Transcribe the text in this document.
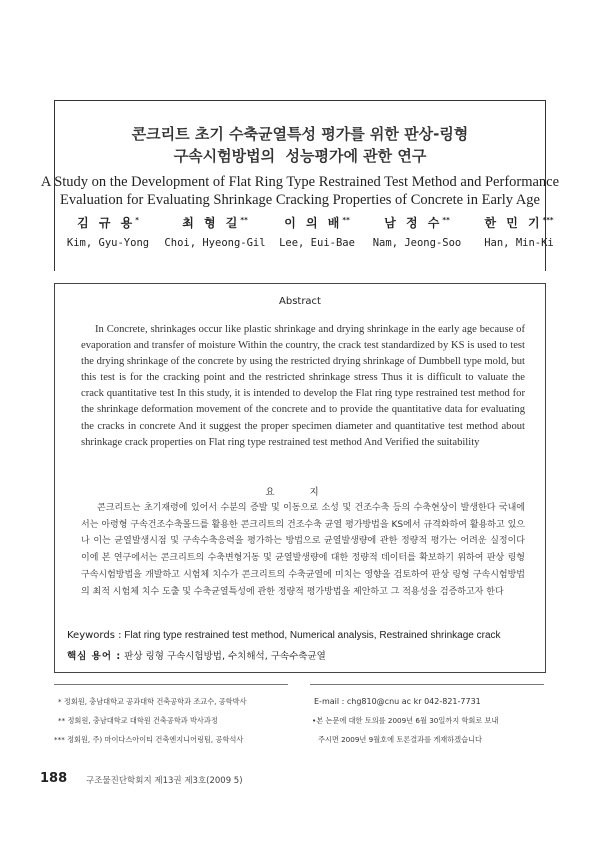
콘크리트 초기 수축균열특성 평가를 위한 판상-링형
구속시험방법의  성능평가에 관한 연구
A Study on the Development of Flat Ring Type Restrained Test Method and Performance
Evaluation for Evaluating Shrinkage Cracking Properties of Concrete in Early Age
김 규 용*
Kim, Gyu-Yong
최 형 길**
Choi, Hyeong-Gil
이 의 배**
Lee, Eui-Bae
남 정 수**
Nam, Jeong-Soo
한 민 기***
Han, Min-Ki
Abstract

In Concrete, shrinkages occur like plastic shrinkage and drying shrinkage in the early age because of evaporation and transfer of moisture Within the country, the crack test standardized by KS is used to test the drying shrinkage of the concrete by using the restricted drying shrinkage of Dumbbell type mold, but this test is for the cracking point and the restricted shrinkage stress Thus it is difficult to valuate the crack quantitative test In this study, it is intended to develop the Flat ring type restrained test method for the shrinkage deformation movement of the concrete and to provide the quantitative data for evaluating the cracks in concrete And it suggest the proper specimen diameter and quantitative test method about shrinkage crack properties on Flat ring type restrained test method And Verified the suitability

요 지

콘크리트는 초기재령에 있어서 수분의 증발 및 이동으로 소성 및 건조수축 등의 수축현상이 발생한다 국내에서는 아령형 구속건조수축몰드를 활용한 콘크리트의 건조수축 균열 평가방법을 KS에서 규격화하여 활용하고 있으나 이는 균열발생시점 및 구속수축응력을 평가하는 방법으로 균열발생량에 관한 정량적 평가는 어려운 실정이다 이에 본 연구에서는 콘크리트의 수축변형거동 및 균열발생량에 대한 정량적 데이터를 확보하기 위하여 판상 링형 구속시험방법을 개발하고 시험체 치수가 콘크리트의 수축균열에 미치는 영향을 검토하여 판상 링형 구속시험방법의 최적 시험체 치수 도출 및 수축균열특성에 관한 정량적 평가방법을 제안하고 그 적용성을 검증하고자 한다

Keywords : Flat ring type restrained test method, Numerical analysis, Restrained shrinkage crack
핵심 용어 : 판상 링형 구속시험방법, 수치해석, 구속수축균열
* 정회원, 충남대학교 공과대학 건축공학과 조교수, 공학박사
** 정회원, 충남대학교 대학원 건축공학과 박사과정
*** 정회원, 주) 마이다스아이티 건축엔지니어링팀, 공학석사
E-mail : chg810@cnu ac kr 042-821-7731
•본 논문에 대한 토의를 2009년 6월 30일까지 학회로 보내
주시면 2009년 9월호에 토론결과를 게재하겠습니다
188 구조물진단학회지 제13권 제3호(2009 5)
